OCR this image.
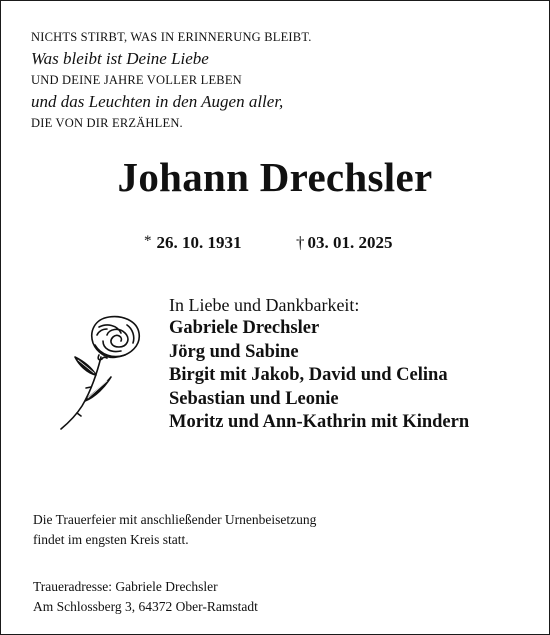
NICHTS STIRBT, WAS IN ERINNERUNG BLEIBT.
Was bleibt ist Deine Liebe
UND DEINE JAHRE VOLLER LEBEN
und das Leuchten in den Augen aller,
DIE VON DIR ERZÄHLEN.
Johann Drechsler
* 26. 10. 1931	† 03. 01. 2025
In Liebe und Dankbarkeit:
Gabriele Drechsler
Jörg und Sabine
Birgit mit Jakob, David und Celina
Sebastian und Leonie
Moritz und Ann-Kathrin mit Kindern
Die Trauerfeier mit anschließender Urnenbeisetzung
findet im engsten Kreis statt.
Traueradresse: Gabriele Drechsler
Am Schlossberg 3, 64372 Ober-Ramstadt
